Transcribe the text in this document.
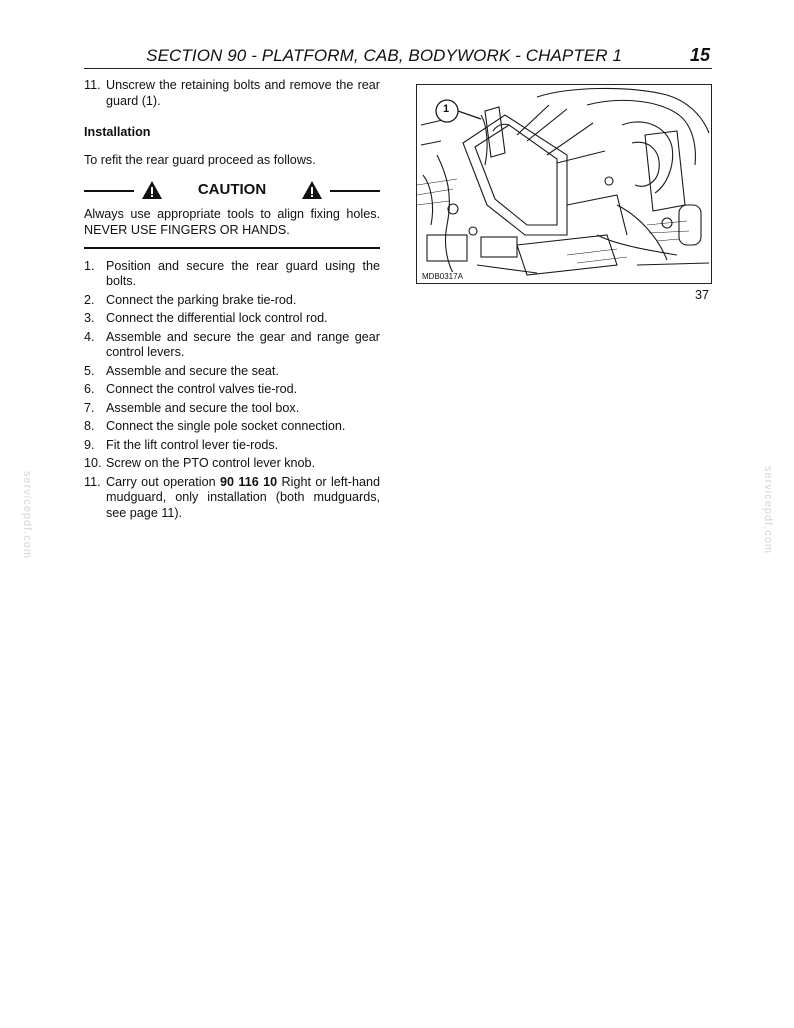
SECTION 90 - PLATFORM, CAB, BODYWORK - CHAPTER 1	15
11. Unscrew the retaining bolts and remove the rear guard (1).
Installation
To refit the rear guard proceed as follows.
CAUTION
Always use appropriate tools to align fixing holes. NEVER USE FINGERS OR HANDS.
1. Position and secure the rear guard using the bolts.
2. Connect the parking brake tie-rod.
3. Connect the differential lock control rod.
4. Assemble and secure the gear and range gear control levers.
5. Assemble and secure the seat.
6. Connect the control valves tie-rod.
7. Assemble and secure the tool box.
8. Connect the single pole socket connection.
9. Fit the lift control lever tie-rods.
10. Screw on the PTO control lever knob.
11. Carry out operation 90 116 10 Right or left-hand mudguard, only installation (both mudguards, see page 11).
1
MDB0317A
37
servicepdf.com	servicepdf.com
